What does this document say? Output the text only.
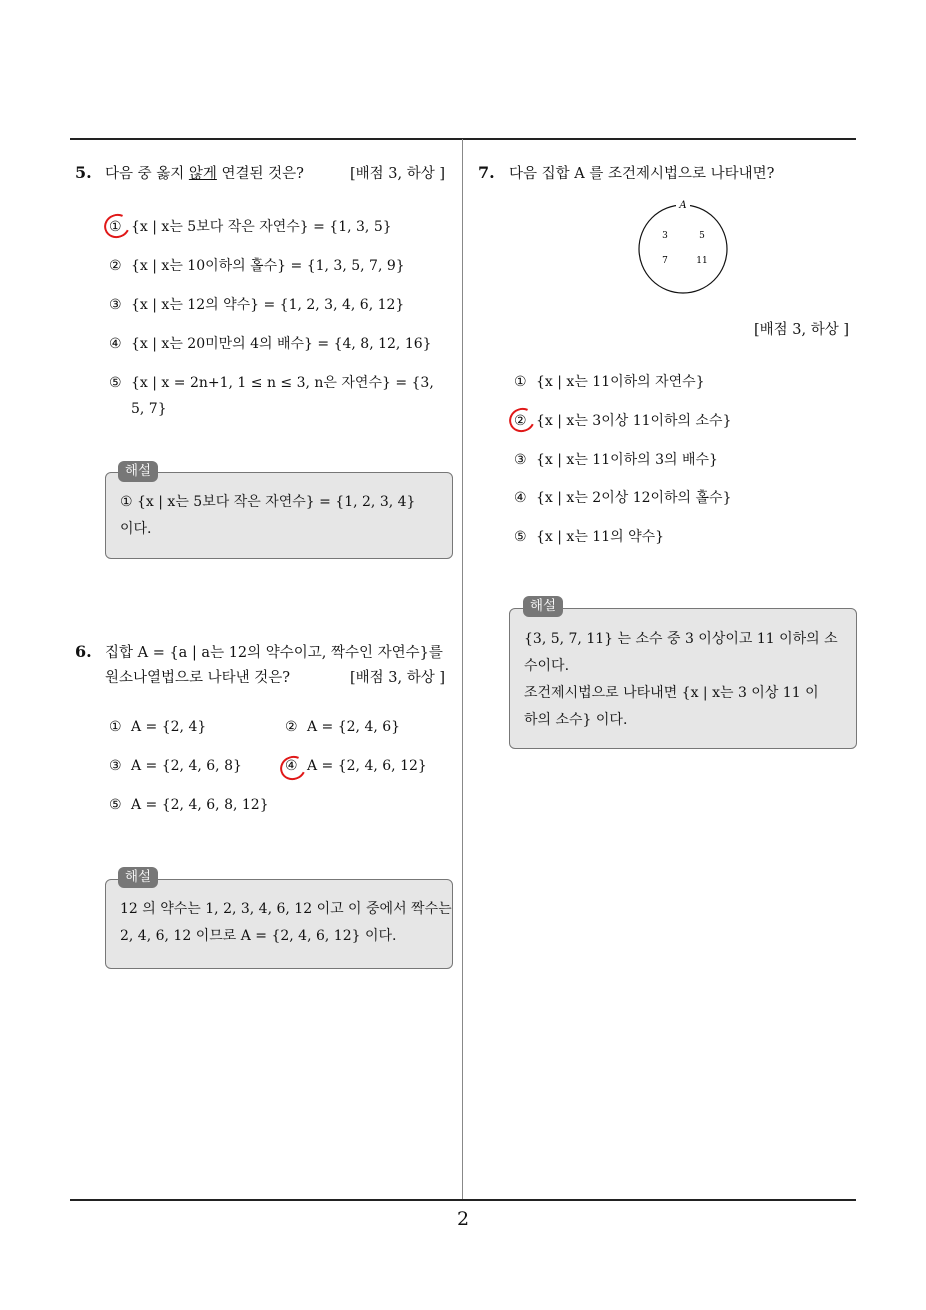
2
5. 다음 중 옳지 않게 연결된 것은?	[배점 3, 하상 ]
① {x | x는 5보다 작은 자연수} = {1, 3, 5}
② {x | x는 10이하의 홀수} = {1, 3, 5, 7, 9}
③ {x | x는 12의 약수} = {1, 2, 3, 4, 6, 12}
④ {x | x는 20미만의 4의 배수} = {4, 8, 12, 16}
⑤ {x | x = 2n+1, 1 ≤ n ≤ 3, n은 자연수} = {3, 5, 7}
① {x | x는 5보다 작은 자연수} = {1, 2, 3, 4}
이다.
해설
6. 집합 A = {a | a는 12의 약수이고, 짝수인 자연수}를
원소나열법으로 나타낸 것은?	[배점 3, 하상 ]
① A = {2, 4}	② A = {2, 4, 6}
③ A = {2, 4, 6, 8}	④ A = {2, 4, 6, 12}
⑤ A = {2, 4, 6, 8, 12}
12 의 약수는 1, 2, 3, 4, 6, 12 이고 이 중에서 짝수는
2, 4, 6, 12 이므로 A = {2, 4, 6, 12} 이다.
해설
7. 다음 집합 A 를 조건제시법으로 나타내면?
A
3	5
7	11
[배점 3, 하상 ]
① {x | x는 11이하의 자연수}
② {x | x는 3이상 11이하의 소수}
③ {x | x는 11이하의 3의 배수}
④ {x | x는 2이상 12이하의 홀수}
⑤ {x | x는 11의 약수}
{3, 5, 7, 11} 는 소수 중 3 이상이고 11 이하의 소
수이다.
조건제시법으로 나타내면 {x | x는 3 이상 11 이
하의 소수} 이다.
해설
